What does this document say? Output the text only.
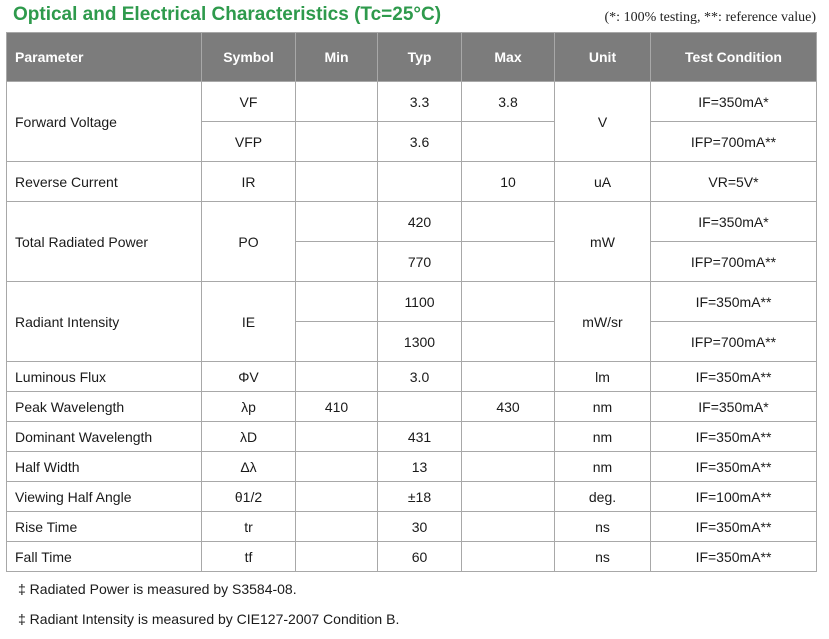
Optical and Electrical Characteristics (Tc=25°C)	(*: 100% testing, **: reference value)
Parameter	Symbol	Min	Typ	Max	Unit	Test Condition
Forward Voltage	VF		3.3	3.8	V	IF=350mA*
	VFP		3.6			IFP=700mA**
Reverse Current	IR			10	uA	VR=5V*
Total Radiated Power	PO		420		mW	IF=350mA*
			770			IFP=700mA**
Radiant Intensity	IE		1100		mW/sr	IF=350mA**
			1300			IFP=700mA**
Luminous Flux	ΦV		3.0		lm	IF=350mA**
Peak Wavelength	λp	410		430	nm	IF=350mA*
Dominant Wavelength	λD		431		nm	IF=350mA**
Half Width	Δλ		13		nm	IF=350mA**
Viewing Half Angle	θ1/2		±18		deg.	IF=100mA**
Rise Time	tr		30		ns	IF=350mA**
Fall Time	tf		60		ns	IF=350mA**
‡ Radiated Power is measured by S3584-08.
‡ Radiant Intensity is measured by CIE127-2007 Condition B.
